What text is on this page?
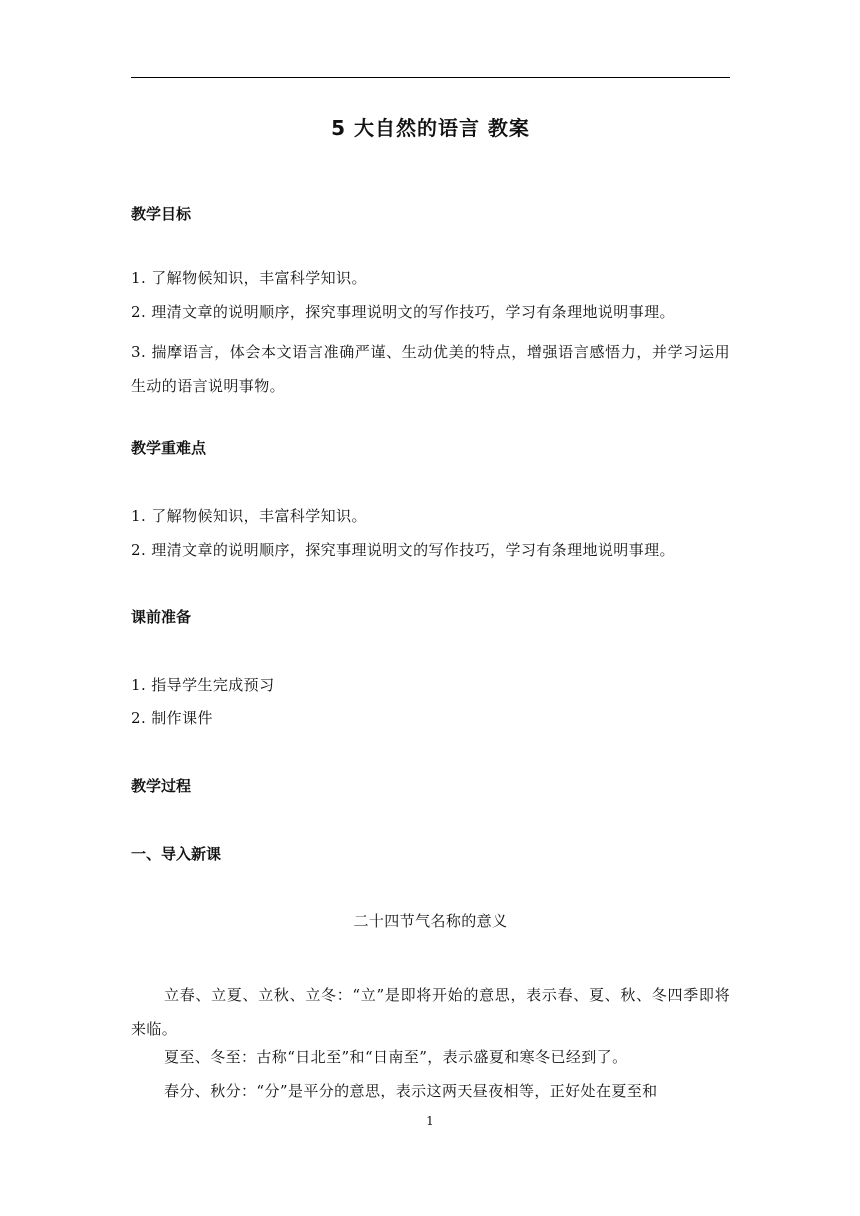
5 大自然的语言 教案
教学目标
1. 了解物候知识，丰富科学知识。
2. 理清文章的说明顺序，探究事理说明文的写作技巧，学习有条理地说明事理。
3. 揣摩语言，体会本文语言准确严谨、生动优美的特点，增强语言感悟力，并学习运用生动的语言说明事物。
教学重难点
1. 了解物候知识，丰富科学知识。
2. 理清文章的说明顺序，探究事理说明文的写作技巧，学习有条理地说明事理。
课前准备
1. 指导学生完成预习
2. 制作课件
教学过程
一、导入新课
二十四节气名称的意义
立春、立夏、立秋、立冬：“立”是即将开始的意思，表示春、夏、秋、冬四季即将来临。
夏至、冬至：古称“日北至”和“日南至”，表示盛夏和寒冬已经到了。
春分、秋分：“分”是平分的意思，表示这两天昼夜相等，正好处在夏至和
1
